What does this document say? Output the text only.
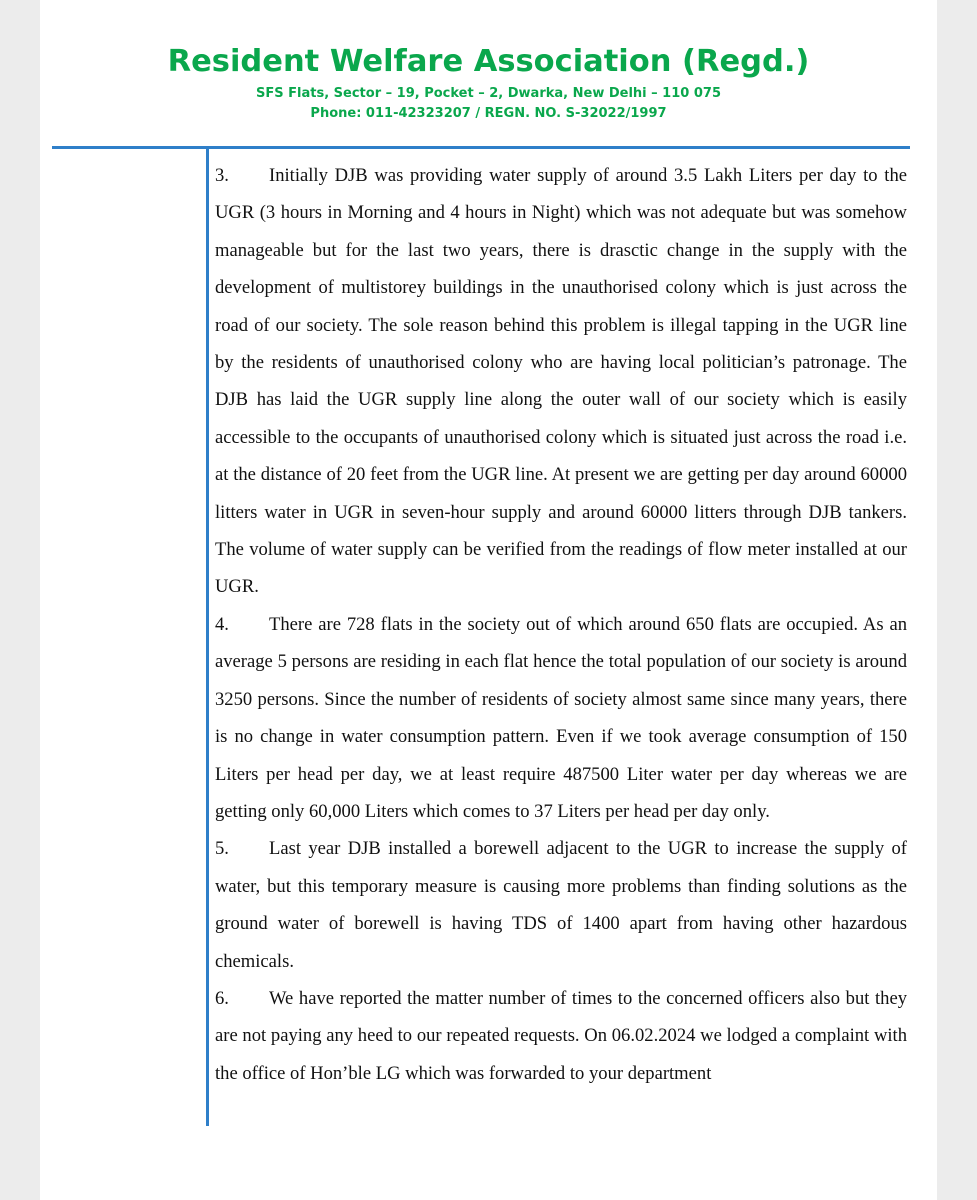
Resident Welfare Association (Regd.)
SFS Flats, Sector – 19, Pocket – 2, Dwarka, New Delhi – 110 075
Phone: 011-42323207 / REGN. NO. S-32022/1997

3. Initially DJB was providing water supply of around 3.5 Lakh Liters per day to the UGR (3 hours in Morning and 4 hours in Night) which was not adequate but was somehow manageable but for the last two years, there is drasctic change in the supply with the development of multistorey buildings in the unauthorised colony which is just across the road of our society. The sole reason behind this problem is illegal tapping in the UGR line by the residents of unauthorised colony who are having local politician’s patronage. The DJB has laid the UGR supply line along the outer wall of our society which is easily accessible to the occupants of unauthorised colony which is situated just across the road i.e. at the distance of 20 feet from the UGR line. At present we are getting per day around 60000 litters water in UGR in seven-hour supply and around 60000 litters through DJB tankers. The volume of water supply can be verified from the readings of flow meter installed at our UGR.

4. There are 728 flats in the society out of which around 650 flats are occupied. As an average 5 persons are residing in each flat hence the total population of our society is around 3250 persons. Since the number of residents of society almost same since many years, there is no change in water consumption pattern. Even if we took average consumption of 150 Liters per head per day, we at least require 487500 Liter water per day whereas we are getting only 60,000 Liters which comes to 37 Liters per head per day only.

5. Last year DJB installed a borewell adjacent to the UGR to increase the supply of water, but this temporary measure is causing more problems than finding solutions as the ground water of borewell is having TDS of 1400 apart from having other hazardous chemicals.

6. We have reported the matter number of times to the concerned officers also but they are not paying any heed to our repeated requests. On 06.02.2024 we lodged a complaint with the office of Hon’ble LG which was forwarded to your department
